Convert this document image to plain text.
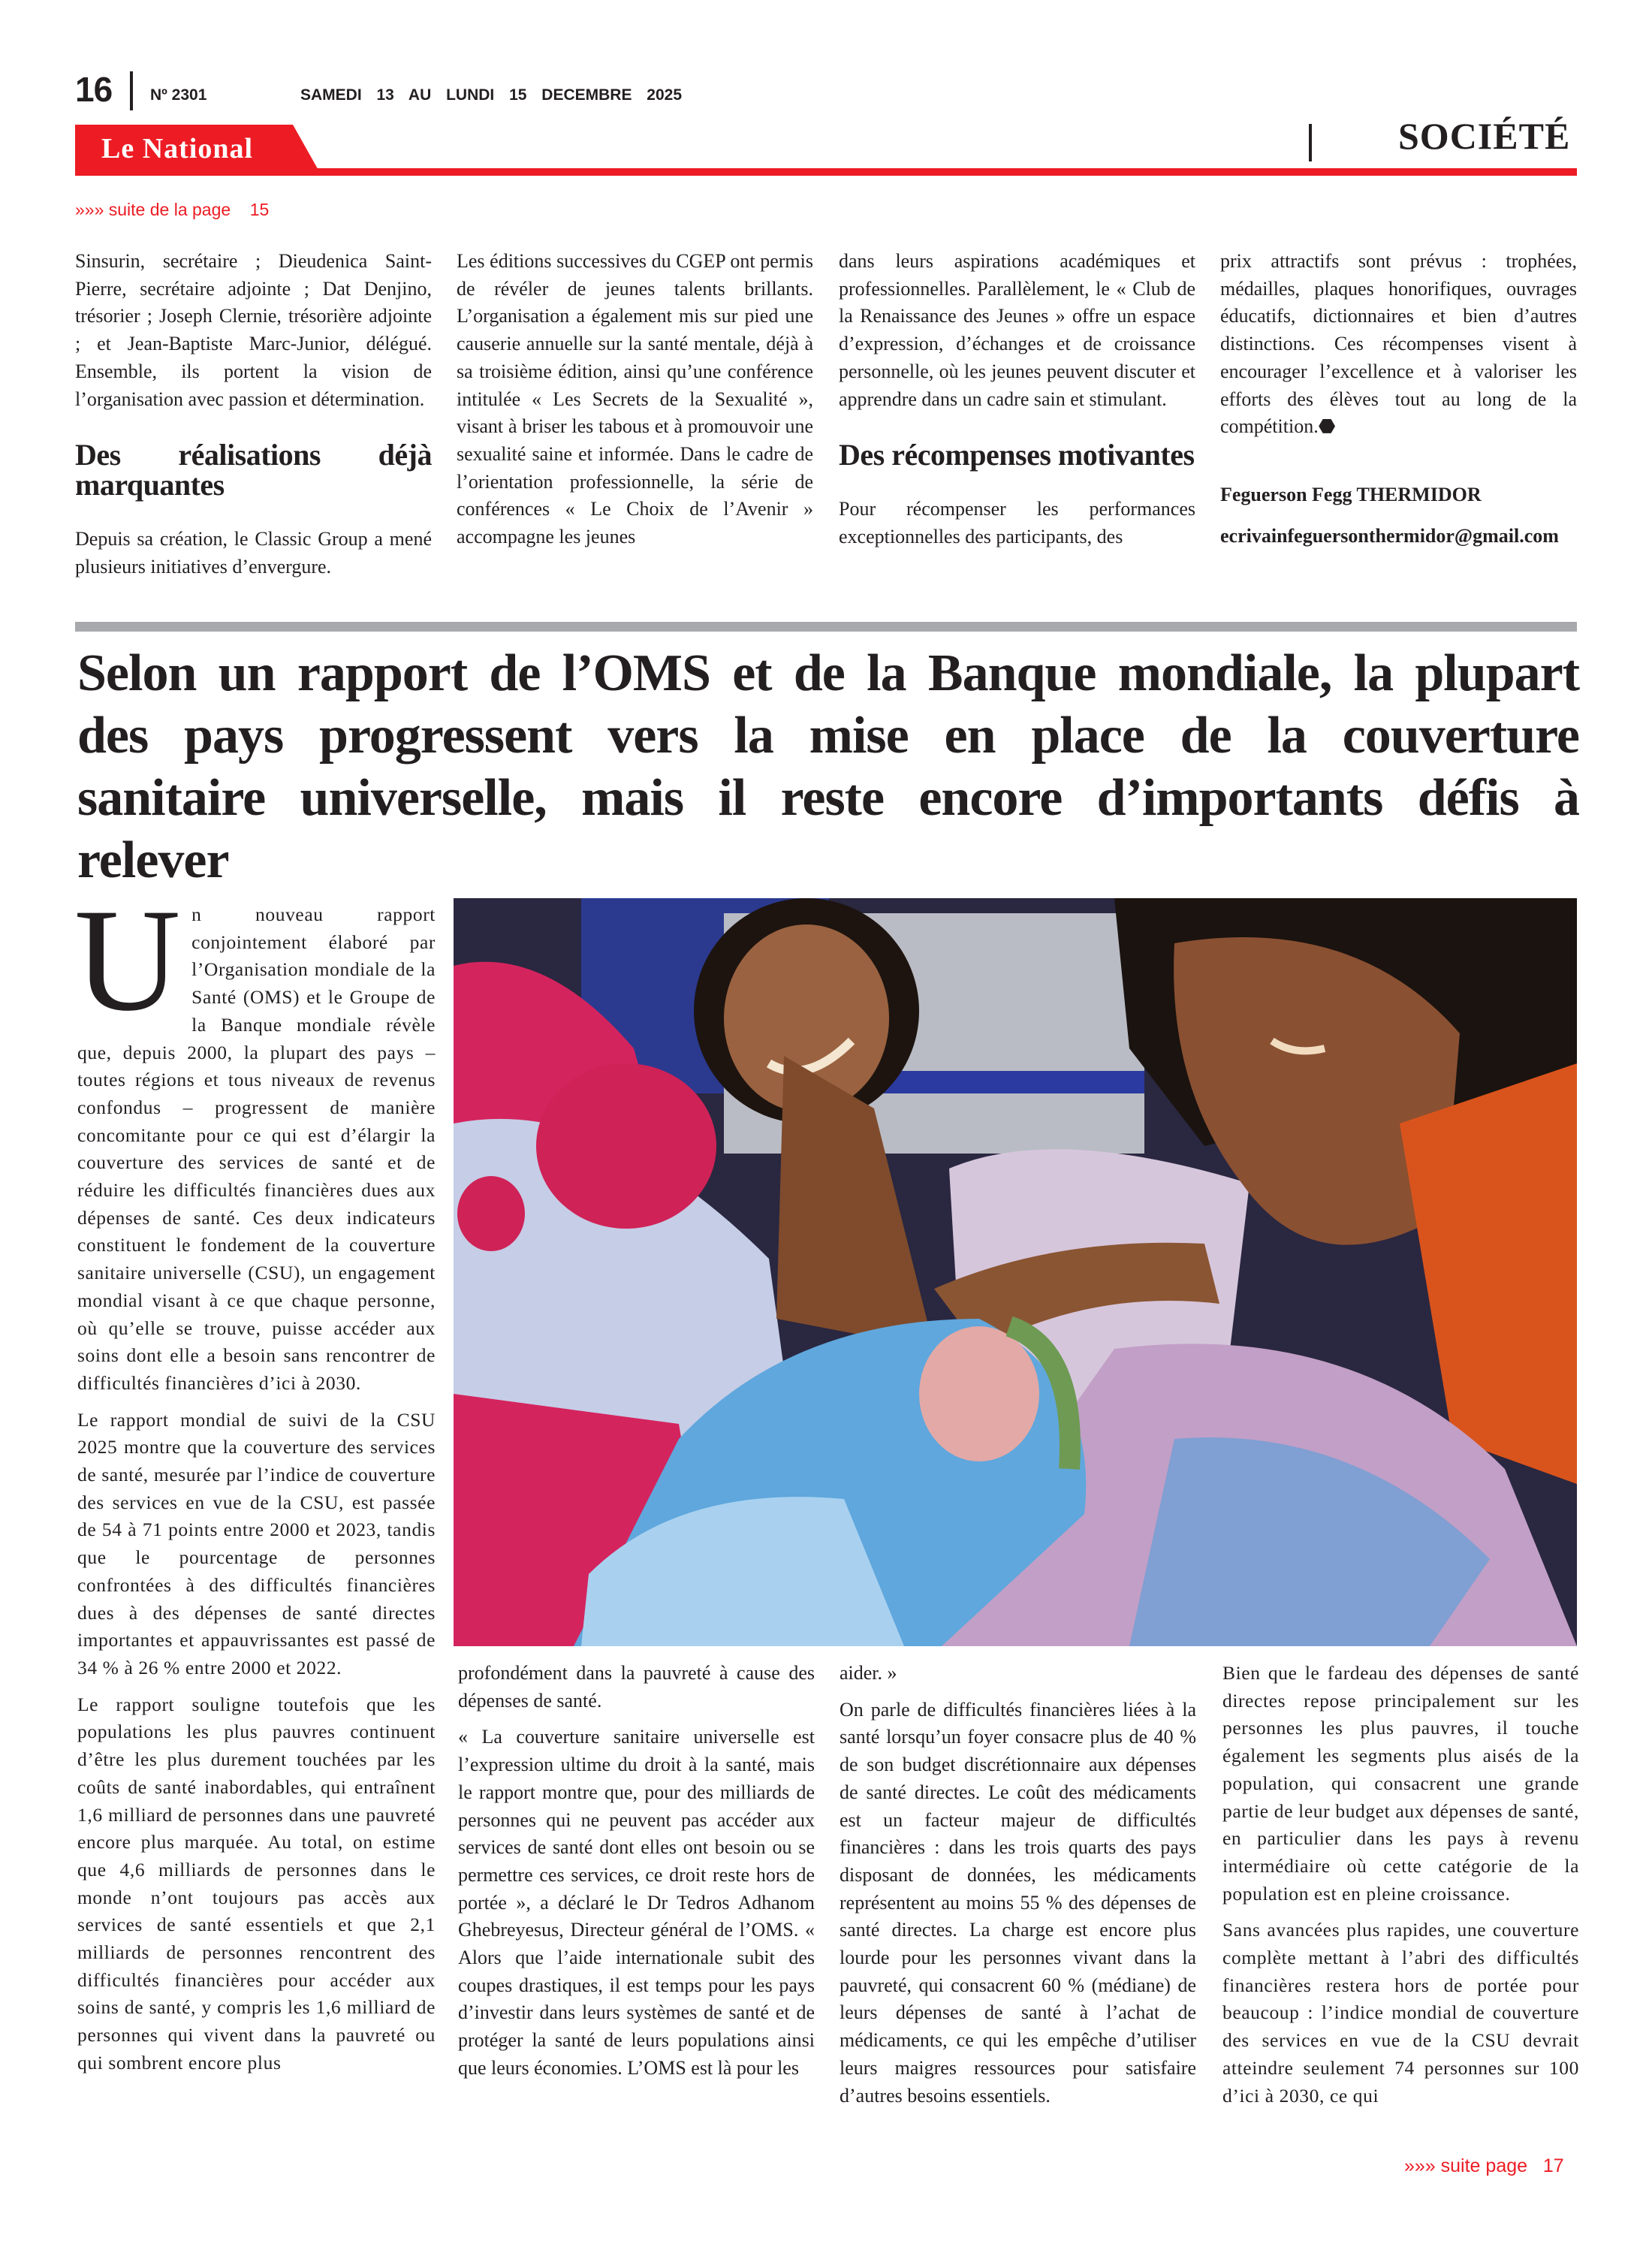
16 Nº 2301	SAMEDI 13 AU LUNDI 15 DECEMBRE 2025
Le National	SOCIÉTÉ
»»» suite de la page 15

Sinsurin, secrétaire ; Dieudenica Saint-Pierre, secrétaire adjointe ; Dat Denjino, trésorier ; Joseph Clernie, trésorière adjointe ; et Jean-Baptiste Marc-Junior, délégué. Ensemble, ils portent la vision de l’organisation avec passion et détermination.

Des réalisations déjà marquantes

Depuis sa création, le Classic Group a mené plusieurs initiatives d’envergure.

Les éditions successives du CGEP ont permis de révéler de jeunes talents brillants. L’organisation a également mis sur pied une causerie annuelle sur la santé mentale, déjà à sa troisième édition, ainsi qu’une conférence intitulée « Les Secrets de la Sexualité », visant à briser les tabous et à promouvoir une sexualité saine et informée. Dans le cadre de l’orientation professionnelle, la série de conférences « Le Choix de l’Avenir » accompagne les jeunes

dans leurs aspirations académiques et professionnelles. Parallèlement, le « Club de la Renaissance des Jeunes » offre un espace d’expression, d’échanges et de croissance personnelle, où les jeunes peuvent discuter et apprendre dans un cadre sain et stimulant.

Des récompenses motivantes

Pour récompenser les performances exceptionnelles des participants, des

prix attractifs sont prévus : trophées, médailles, plaques honorifiques, ouvrages éducatifs, dictionnaires et bien d’autres distinctions. Ces récompenses visent à encourager l’excellence et à valoriser les efforts des élèves tout au long de la compétition.⬣

Feguerson Fegg THERMIDOR

ecrivainfeguersonthermidor@gmail.com

Selon un rapport de l’OMS et de la Banque mondiale, la plupart
des pays progressent vers la mise en place de la couverture
sanitaire universelle, mais il reste encore d’importants défis à
relever
U n nouveau rapport conjointement élaboré par l’Organisation mondiale de la Santé (OMS) et le Groupe de la Banque mondiale révèle que, depuis 2000, la plupart des pays – toutes régions et tous niveaux de revenus confondus – progressent de manière concomitante pour ce qui est d’élargir la couverture des services de santé et de réduire les difficultés financières dues aux dépenses de santé. Ces deux indicateurs constituent le fondement de la couverture sanitaire universelle (CSU), un engagement mondial visant à ce que chaque personne, où qu’elle se trouve, puisse accéder aux soins dont elle a besoin sans rencontrer de difficultés financières d’ici à 2030.

Le rapport mondial de suivi de la CSU 2025 montre que la couverture des services de santé, mesurée par l’indice de couverture des services en vue de la CSU, est passée de 54 à 71 points entre 2000 et 2023, tandis que le pourcentage de personnes confrontées à des difficultés financières dues à des dépenses de santé directes importantes et appauvrissantes est passé de 34 % à 26 % entre 2000 et 2022.

Le rapport souligne toutefois que les populations les plus pauvres continuent d’être les plus durement touchées par les coûts de santé inabordables, qui entraînent 1,6 milliard de personnes dans une pauvreté encore plus marquée. Au total, on estime que 4,6 milliards de personnes dans le monde n’ont toujours pas accès aux services de santé essentiels et que 2,1 milliards de personnes rencontrent des difficultés financières pour accéder aux soins de santé, y compris les 1,6 milliard de personnes qui vivent dans la pauvreté ou qui sombrent encore plus

profondément dans la pauvreté à cause des dépenses de santé.

« La couverture sanitaire universelle est l’expression ultime du droit à la santé, mais le rapport montre que, pour des milliards de personnes qui ne peuvent pas accéder aux services de santé dont elles ont besoin ou se permettre ces services, ce droit reste hors de portée », a déclaré le Dr Tedros Adhanom Ghebreyesus, Directeur général de l’OMS. « Alors que l’aide internationale subit des coupes drastiques, il est temps pour les pays d’investir dans leurs systèmes de santé et de protéger la santé de leurs populations ainsi que leurs économies. L’OMS est là pour les

aider. »

On parle de difficultés financières liées à la santé lorsqu’un foyer consacre plus de 40 % de son budget discrétionnaire aux dépenses de santé directes. Le coût des médicaments est un facteur majeur de difficultés financières : dans les trois quarts des pays disposant de données, les médicaments représentent au moins 55 % des dépenses de santé directes. La charge est encore plus lourde pour les personnes vivant dans la pauvreté, qui consacrent 60 % (médiane) de leurs dépenses de santé à l’achat de médicaments, ce qui les empêche d’utiliser leurs maigres ressources pour satisfaire d’autres besoins essentiels.

Bien que le fardeau des dépenses de santé directes repose principalement sur les personnes les plus pauvres, il touche également les segments plus aisés de la population, qui consacrent une grande partie de leur budget aux dépenses de santé, en particulier dans les pays à revenu intermédiaire où cette catégorie de la population est en pleine croissance.

Sans avancées plus rapides, une couverture complète mettant à l’abri des difficultés financières restera hors de portée pour beaucoup : l’indice mondial de couverture des services en vue de la CSU devrait atteindre seulement 74 personnes sur 100 d’ici à 2030, ce qui

»»» suite page 17
